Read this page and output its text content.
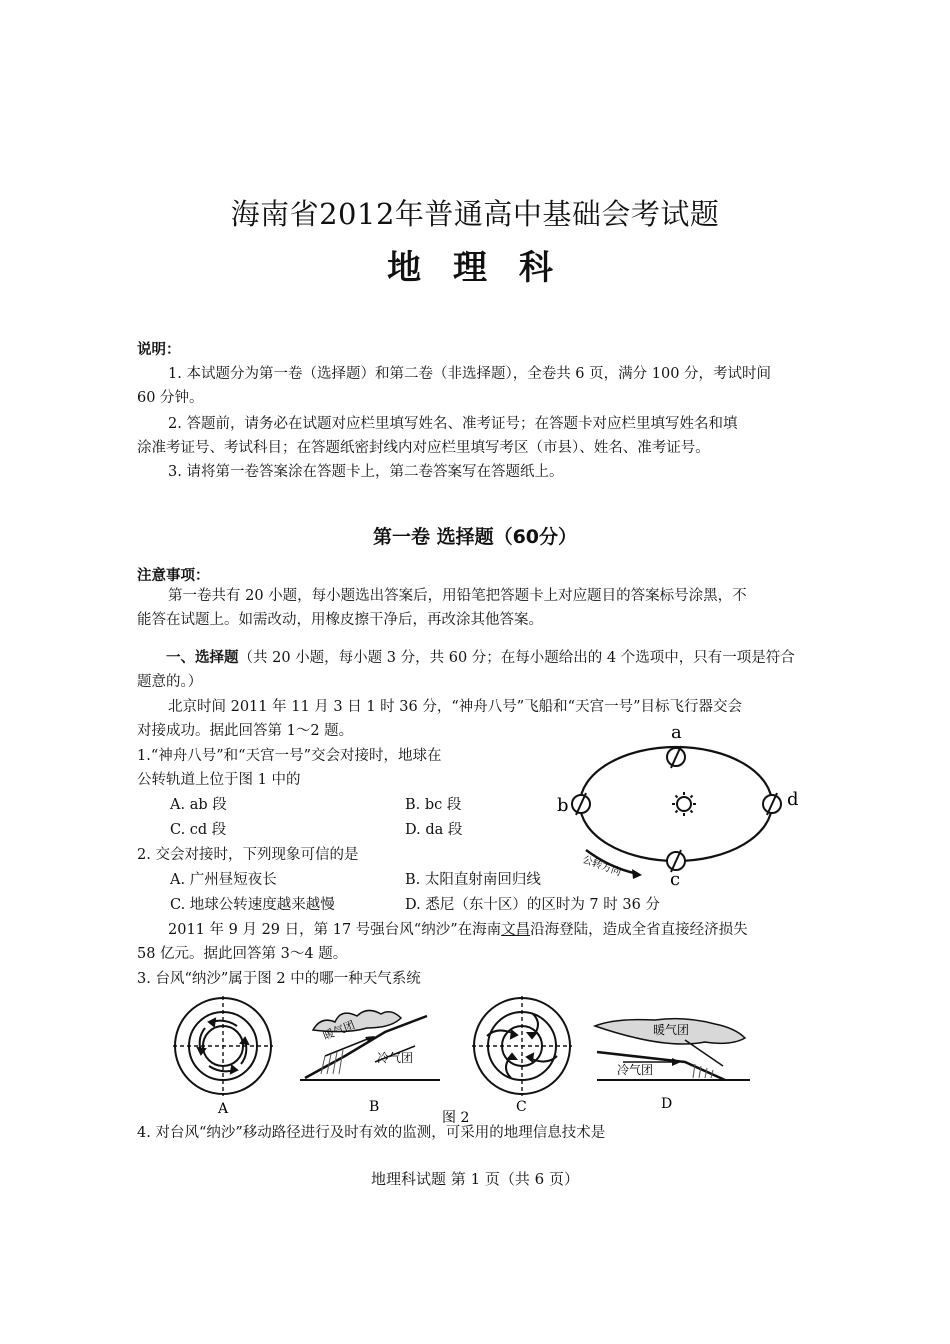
海南省2012年普通高中基础会考试题
地 理 科
说明：
1. 本试题分为第一卷（选择题）和第二卷（非选择题），全卷共 6 页，满分 100 分，考试时间
60 分钟。
2. 答题前，请务必在试题对应栏里填写姓名、准考证号；在答题卡对应栏里填写姓名和填
涂准考证号、考试科目；在答题纸密封线内对应栏里填写考区（市县）、姓名、准考证号。
3. 请将第一卷答案涂在答题卡上，第二卷答案写在答题纸上。
第一卷 选择题（60分）
注意事项：
第一卷共有 20 小题，每小题选出答案后，用铅笔把答题卡上对应题目的答案标号涂黑，不
能答在试题上。如需改动，用橡皮擦干净后，再改涂其他答案。
一、选择题（共 20 小题，每小题 3 分，共 60 分；在每小题给出的 4 个选项中，只有一项是符合
题意的。）
北京时间 2011 年 11 月 3 日 1 时 36 分，“神舟八号”飞船和“天宫一号”目标飞行器交会
对接成功。据此回答第 1～2 题。
1.“神舟八号”和“天宫一号”交会对接时，地球在
公转轨道上位于图 1 中的
A. ab 段	B. bc 段
C. cd 段	D. da 段
2. 交会对接时，下列现象可信的是
A. 广州昼短夜长	B. 太阳直射南回归线
C. 地球公转速度越来越慢	D. 悉尼（东十区）的区时为 7 时 36 分
a
b	d
c
公转方向
2011 年 9 月 29 日，第 17 号强台风“纳沙”在海南文昌沿海登陆，造成全省直接经济损失
58 亿元。据此回答第 3～4 题。
3. 台风“纳沙”属于图 2 中的哪一种天气系统
A
暖气团
冷气团
B	C
暖气团
冷气团
D
图 2
4. 对台风“纳沙”移动路径进行及时有效的监测，可采用的地理信息技术是
地理科试题 第 1 页（共 6 页）
